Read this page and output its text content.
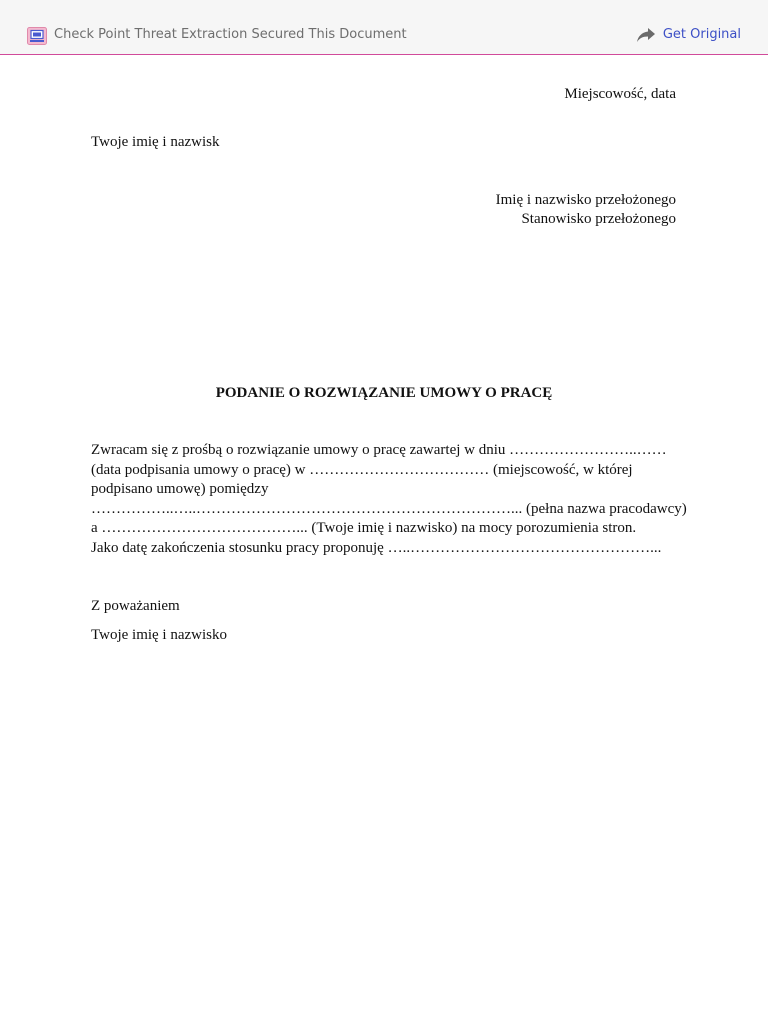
Check Point Threat Extraction Secured This Document	Get Original
Miejscowość, data
Twoje imię i nazwisk
Imię i nazwisko przełożonego
Stanowisko przełożonego
PODANIE O ROZWIĄZANIE UMOWY O PRACĘ
Zwracam się z prośbą o rozwiązanie umowy o pracę zawartej w dniu ……………………..……
(data podpisania umowy o pracę) w ……………………………… (miejscowość, w której
podpisano umowę) pomiędzy
……………..…..………………………………………………………... (pełna nazwa pracodawcy)
a …………………………………... (Twoje imię i nazwisko) na mocy porozumienia stron.
Jako datę zakończenia stosunku pracy proponuję …..…………………………………………...
Z poważaniem
Twoje imię i nazwisko
